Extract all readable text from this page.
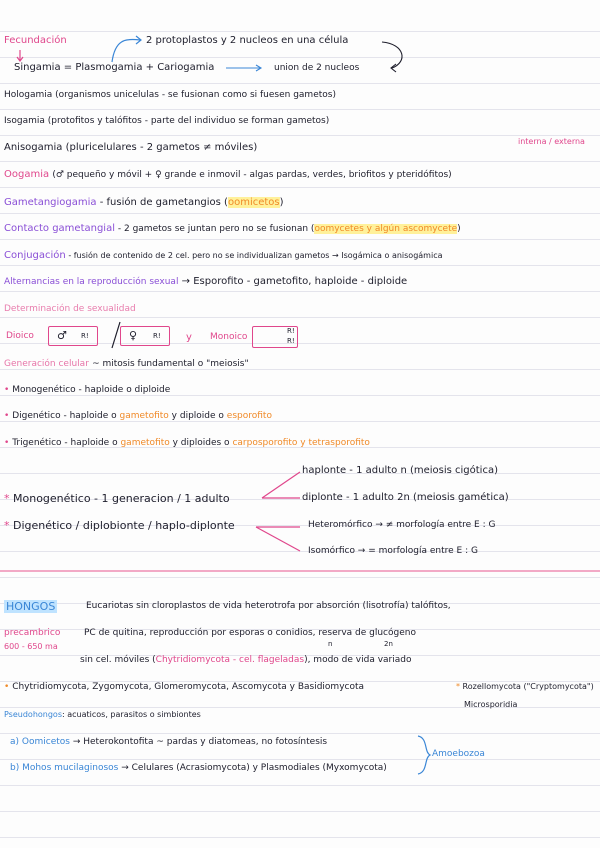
Fecundación	2 protoplastos y 2 nucleos en una célula
Singamia = Plasmogamia + Cariogamia	union de 2 nucleos
Hologamia (organismos unicelulas - se fusionan como si fuesen gametos)
Isogamia (protofitos y talófitos - parte del individuo se forman gametos)
Anisogamia (pluricelulares - 2 gametos ≠ móviles)
interna / externa
Oogamia (♂ pequeño y móvil + ♀ grande e inmovil - algas pardas, verdes, briofitos y pteridófitos)
Gametangiogamia - fusión de gametangios (oomicetos)
Contacto gametangial - 2 gametos se juntan pero no se fusionan (oomycetes y algún ascomycete)
Conjugación - fusión de contenido de 2 cel. pero no se individualizan gametos → Isogámica o anisogámica
Alternancias en la reproducción sexual → Esporofito - gametofito, haploide - diploide
Determinación de sexualidad
Dioico ♂ R!	♀ R!	y Monoico
R!
R!
Generación celular ~ mitosis fundamental o "meiosis"
• Monogenético - haploide o diploide
• Digenético - haploide o gametofito y diploide o esporofito
• Trigenético - haploide o gametofito y diploides o carposporofito y tetrasporofito
haplonte - 1 adulto n (meiosis cigótica)
* Monogenético - 1 generacion / 1 adulto	diplonte - 1 adulto 2n (meiosis gamética)
* Digenético / diplobionte / haplo-diplonte	Heteromórfico → ≠ morfología entre E : G
Isomórfico → = morfología entre E : G
HONGOS	Eucariotas sin cloroplastos de vida heterotrofa por absorción (lisotrofía) talófitos,
precambrico
600 - 650 ma
PC de quitina, reproducción por esporas o conidios, reserva de glucógeno
n	2n
sin cel. móviles (Chytridiomycota - cel. flageladas), modo de vida variado
• Chytridiomycota, Zygomycota, Glomeromycota, Ascomycota y Basidiomycota	* Rozellomycota ("Cryptomycota")
Microsporidia
Pseudohongos: acuaticos, parasitos o simbiontes
a) Oomicetos → Heterokontofita ~ pardas y diatomeas, no fotosíntesis
Amoebozoa
b) Mohos mucilaginosos → Celulares (Acrasiomycota) y Plasmodiales (Myxomycota)
